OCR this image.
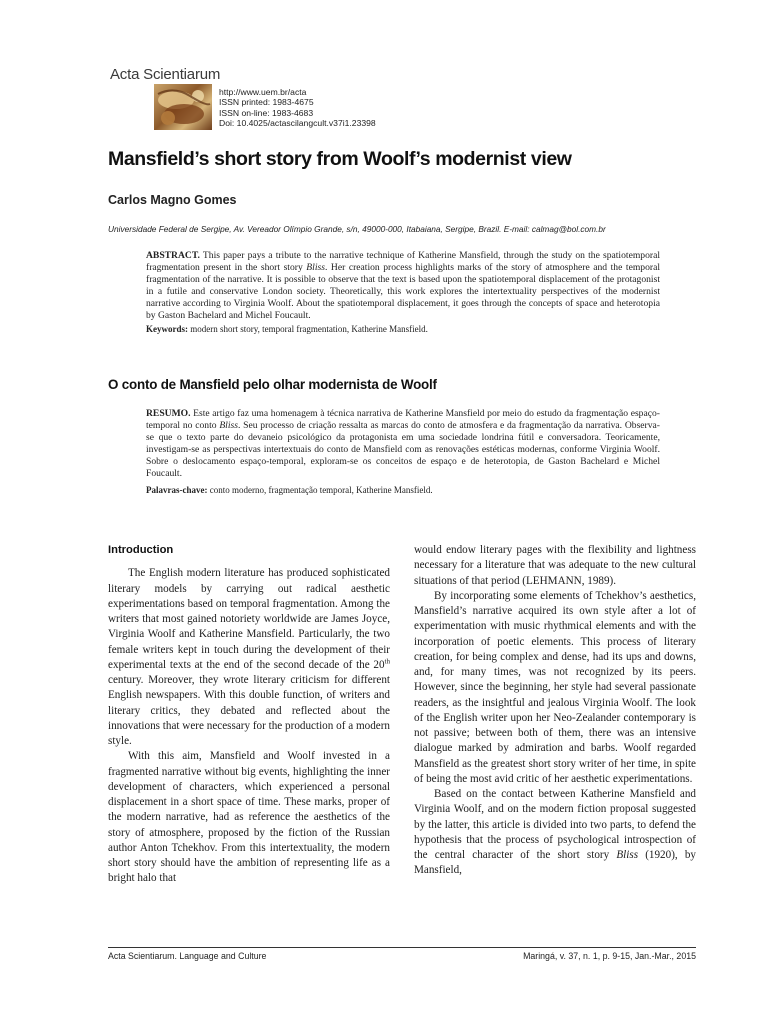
Acta Scientiarum
http://www.uem.br/acta
ISSN printed: 1983-4675
ISSN on-line: 1983-4683
Doi: 10.4025/actascilangcult.v37i1.23398
Mansfield’s short story from Woolf’s modernist view
Carlos Magno Gomes
Universidade Federal de Sergipe, Av. Vereador Olímpio Grande, s/n, 49000-000, Itabaiana, Sergipe, Brazil. E-mail: calmag@bol.com.br
ABSTRACT. This paper pays a tribute to the narrative technique of Katherine Mansfield, through the study on the spatiotemporal fragmentation present in the short story Bliss. Her creation process highlights marks of the story of atmosphere and the temporal fragmentation of the narrative. It is possible to observe that the text is based upon the spatiotemporal displacement of the protagonist in a futile and conservative London society. Theoretically, this work explores the intertextuality perspectives of the modernist narrative according to Virginia Woolf. About the spatiotemporal displacement, it goes through the concepts of space and heterotopia by Gaston Bachelard and Michel Foucault.
Keywords: modern short story, temporal fragmentation, Katherine Mansfield.
O conto de Mansfield pelo olhar modernista de Woolf
RESUMO. Este artigo faz uma homenagem à técnica narrativa de Katherine Mansfield por meio do estudo da fragmentação espaço-temporal no conto Bliss. Seu processo de criação ressalta as marcas do conto de atmosfera e da fragmentação da narrativa. Observa-se que o texto parte do devaneio psicológico da protagonista em uma sociedade londrina fútil e conversadora. Teoricamente, investigam-se as perspectivas intertextuais do conto de Mansfield com as renovações estéticas modernas, conforme Virginia Woolf. Sobre o deslocamento espaço-temporal, exploram-se os conceitos de espaço e de heterotopia, de Gaston Bachelard e Michel Foucault.
Palavras-chave: conto moderno, fragmentação temporal, Katherine Mansfield.
Introduction

The English modern literature has produced sophisticated literary models by carrying out radical aesthetic experimentations based on temporal fragmentation. Among the writers that most gained notoriety worldwide are James Joyce, Virginia Woolf and Katherine Mansfield. Particularly, the two female writers kept in touch during the development of their experimental texts at the end of the second decade of the 20th century. Moreover, they wrote literary criticism for different English newspapers. With this double function, of writers and literary critics, they debated and reflected about the innovations that were necessary for the production of a modern style.

With this aim, Mansfield and Woolf invested in a fragmented narrative without big events, highlighting the inner development of characters, which experienced a personal displacement in a short space of time. These marks, proper of the modern narrative, had as reference the aesthetics of the story of atmosphere, proposed by the fiction of the Russian author Anton Tchekhov. From this intertextuality, the modern short story should have the ambition of representing life as a bright halo that

would endow literary pages with the flexibility and lightness necessary for a literature that was adequate to the new cultural situations of that period (LEHMANN, 1989).

By incorporating some elements of Tchekhov’s aesthetics, Mansfield’s narrative acquired its own style after a lot of experimentation with music rhythmical elements and with the incorporation of poetic elements. This process of literary creation, for being complex and dense, had its ups and downs, and, for many times, was not recognized by its peers. However, since the beginning, her style had several passionate readers, as the insightful and jealous Virginia Woolf. The look of the English writer upon her Neo-Zealander contemporary is not passive; between both of them, there was an intensive dialogue marked by admiration and barbs. Woolf regarded Mansfield as the greatest short story writer of her time, in spite of being the most avid critic of her aesthetic experimentations.

Based on the contact between Katherine Mansfield and Virginia Woolf, and on the modern fiction proposal suggested by the latter, this article is divided into two parts, to defend the hypothesis that the process of psychological introspection of the central character of the short story Bliss (1920), by Mansfield,

Acta Scientiarum. Language and Culture	Maringá, v. 37, n. 1, p. 9-15, Jan.-Mar., 2015
